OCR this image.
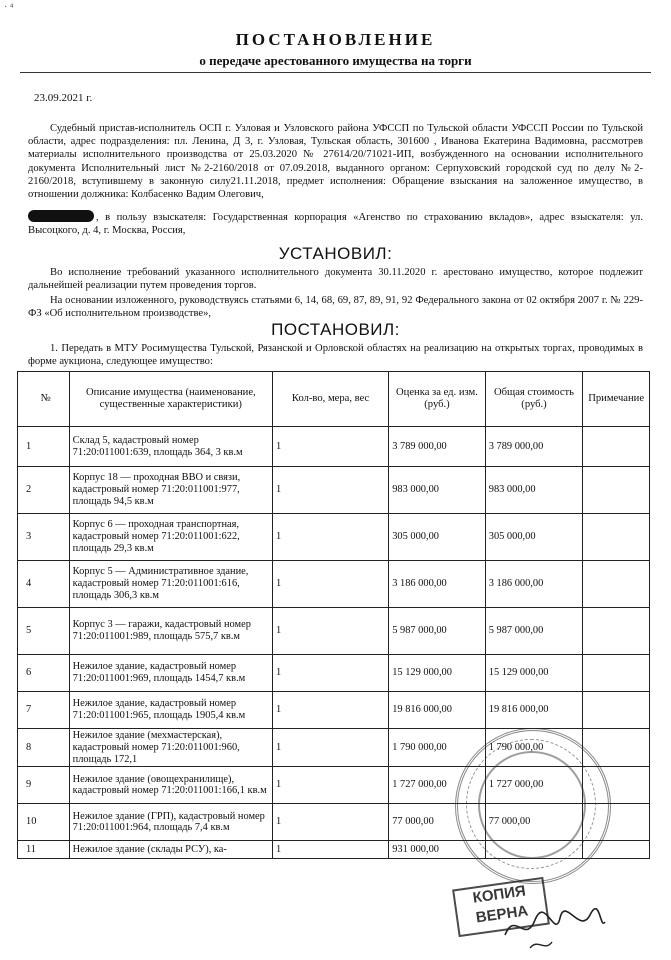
· ⁴
ПОСТАНОВЛЕНИЕ
о передаче арестованного имущества на торги
23.09.2021 г.
Судебный пристав-исполнитель ОСП г. Узловая и Узловского района УФССП по Тульской области УФССП России по Тульской области, адрес подразделения: пл. Ленина, Д 3, г. Узловая, Тульская область, 301600 , Иванова Екатерина Вадимовна, рассмотрев материалы исполнительного производства от 25.03.2020 № 27614/20/71021-ИП, возбужденного на основании исполнительного документа Исполнительный лист №2-2160/2018 от 07.09.2018, выданного органом: Серпуховский городской суд по делу №2-2160/2018, вступившему в законную силу21.11.2018, предмет исполнения: Обращение взыскания на заложенное имущество, в отношении должника: Колбасенко Вадим Олегович,
, в пользу взыскателя: Государственная корпорация «Агенство по страхованию вкладов», адрес взыскателя: ул. Высоцкого, д. 4, г. Москва, Россия,
УСТАНОВИЛ:
Во исполнение требований указанного исполнительного документа 30.11.2020 г. арестовано имущество, которое подлежит дальнейшей реализации путем проведения торгов.
На основании изложенного, руководствуясь статьями 6, 14, 68, 69, 87, 89, 91, 92 Федерального закона от 02 октября 2007 г. № 229-ФЗ «Об исполнительном производстве»,
ПОСТАНОВИЛ:
1. Передать в МТУ Росимущества Тульской, Рязанской и Орловской областях на реализацию на открытых торгах, проводимых в форме аукциона, следующее имущество:
№	Описание имущества (наименование, существенные характеристики)	Кол-во, мера, вес	Оценка за ед. изм. (руб.)	Общая стоимость (руб.)	Примечание
1	Склад 5, кадастровый номер 71:20:011001:639, площадь 364, 3 кв.м	1	3 789 000,00	3 789 000,00	
2	Корпус 18 — проходная ВВО и связи, кадастровый номер 71:20:011001:977, площадь 94,5 кв.м	1	983 000,00	983 000,00	
3	Корпус 6 — проходная транспортная, кадастровый номер 71:20:011001:622, площадь 29,3 кв.м	1	305 000,00	305 000,00	
4	Корпус 5 — Административное здание, кадастровый номер 71:20:011001:616, площадь 306,3 кв.м	1	3 186 000,00	3 186 000,00	
5	Корпус 3 — гаражи, кадастровый номер 71:20:011001:989, площадь 575,7 кв.м	1	5 987 000,00	5 987 000,00	
6	Нежилое здание, кадастровый номер 71:20:011001:969, площадь 1454,7 кв.м	1	15 129 000,00	15 129 000,00	
7	Нежилое здание, кадастровый номер 71:20:011001:965, площадь 1905,4 кв.м	1	19 816 000,00	19 816 000,00	
8	Нежилое здание (мехмастерская), кадастровый номер 71:20:011001:960, площадь 172,1	1	1 790 000,00	1 790 000,00	
9	Нежилое здание (овощехранилище), кадастровый номер 71:20:011001:166,1 кв.м	1	1 727 000,00	1 727 000,00	
10	Нежилое здание (ГРП), кадастровый номер 71:20:011001:964, площадь 7,4 кв.м	1	77 000,00	77 000,00	
11	Нежилое здание (склады РСУ), ка-	1	931 000,00		
КОПИЯ ВЕРНА
